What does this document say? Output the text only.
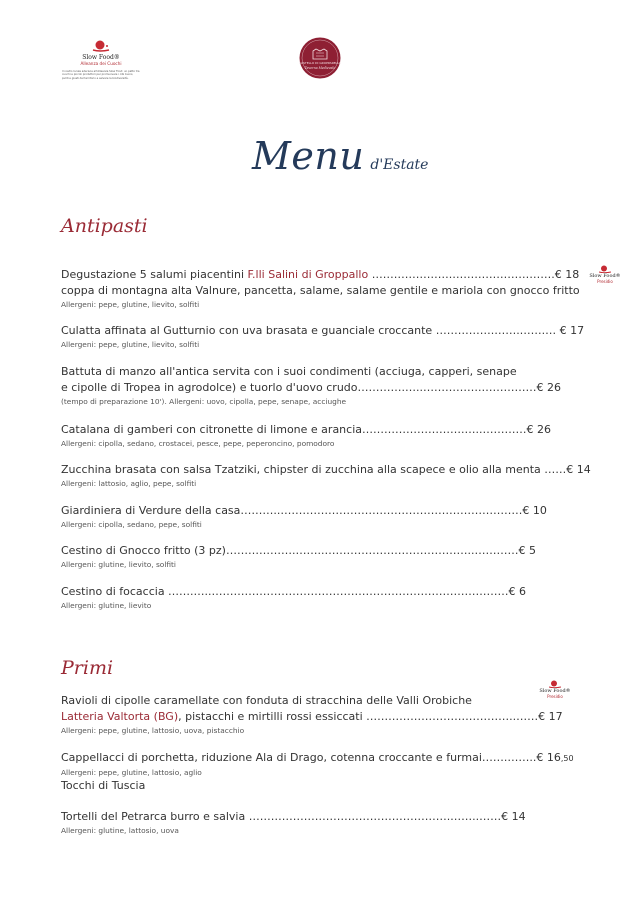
Slow Food®
Alleanza dei Cuochi
Il nostro locale aderisce all'Alleanza Slow Food: un patto tra cuochi e piccoli produttori per promuovere i cibi buoni, puliti e giusti del territorio e salvare la biodiversità.
CASTELLO DI GROPPARELLO
Taverna Medievale
Menu d'Estate
Antipasti
Degustazione 5 salumi piacentini F.lli Salini di Groppallo ………………….……………………….€ 18
coppa di montagna alta Valnure, pancetta, salame, salame gentile e mariola con gnocco fritto
Allergeni: pepe, glutine, lievito, solfiti
Slow Food®
Presidio
Culatta affinata al Gutturnio con uva brasata e guanciale croccante …………….…….…….… € 17
Allergeni: pepe, glutine, lievito, solfiti
Battuta di manzo all'antica servita con i suoi condimenti (acciuga, capperi, senape
e cipolle di Tropea in agrodolce) e tuorlo d'uovo crudo………….…..…………….……………€ 26
(tempo di preparazione 10'). Allergeni: uovo, cipolla, pepe, senape, acciughe
Catalana di gamberi con citronette di limone e arancia……………………….…..…………€ 26
Allergeni: cipolla, sedano, crostacei, pesce, pepe, peperoncino, pomodoro
Zucchina brasata con salsa Tzatziki, chipster di zucchina alla scapece e olio alla menta ……€ 14
Allergeni: lattosio, aglio, pepe, solfiti
Giardiniera di Verdure della casa………..…………………………………………………………€ 10
Allergeni: cipolla, sedano, pepe, solfiti
Cestino di Gnocco fritto (3 pz)……………….……..…………………………………..…………€ 5
Allergeni: glutine, lievito, solfiti
Cestino di focaccia …….…..………………………………………………………………………€ 6
Allergeni: glutine, lievito
Primi
Slow Food®
Presidio
Ravioli di cipolle caramellate con fonduta di stracchina delle Valli Orobiche
Latteria Valtorta (BG), pistacchi e mirtilli rossi essiccati …………………………………..……€ 17
Allergeni: pepe, glutine, lattosio, uova, pistacchio
Cappellacci di porchetta, riduzione Ala di Drago, cotenna croccante e furmai…….……..€ 16,50
Allergeni: pepe, glutine, lattosio, aglio
Tocchi di Tuscia
Tortelli del Petrarca burro e salvia ……………………………………………….……..……€ 14
Allergeni: glutine, lattosio, uova
